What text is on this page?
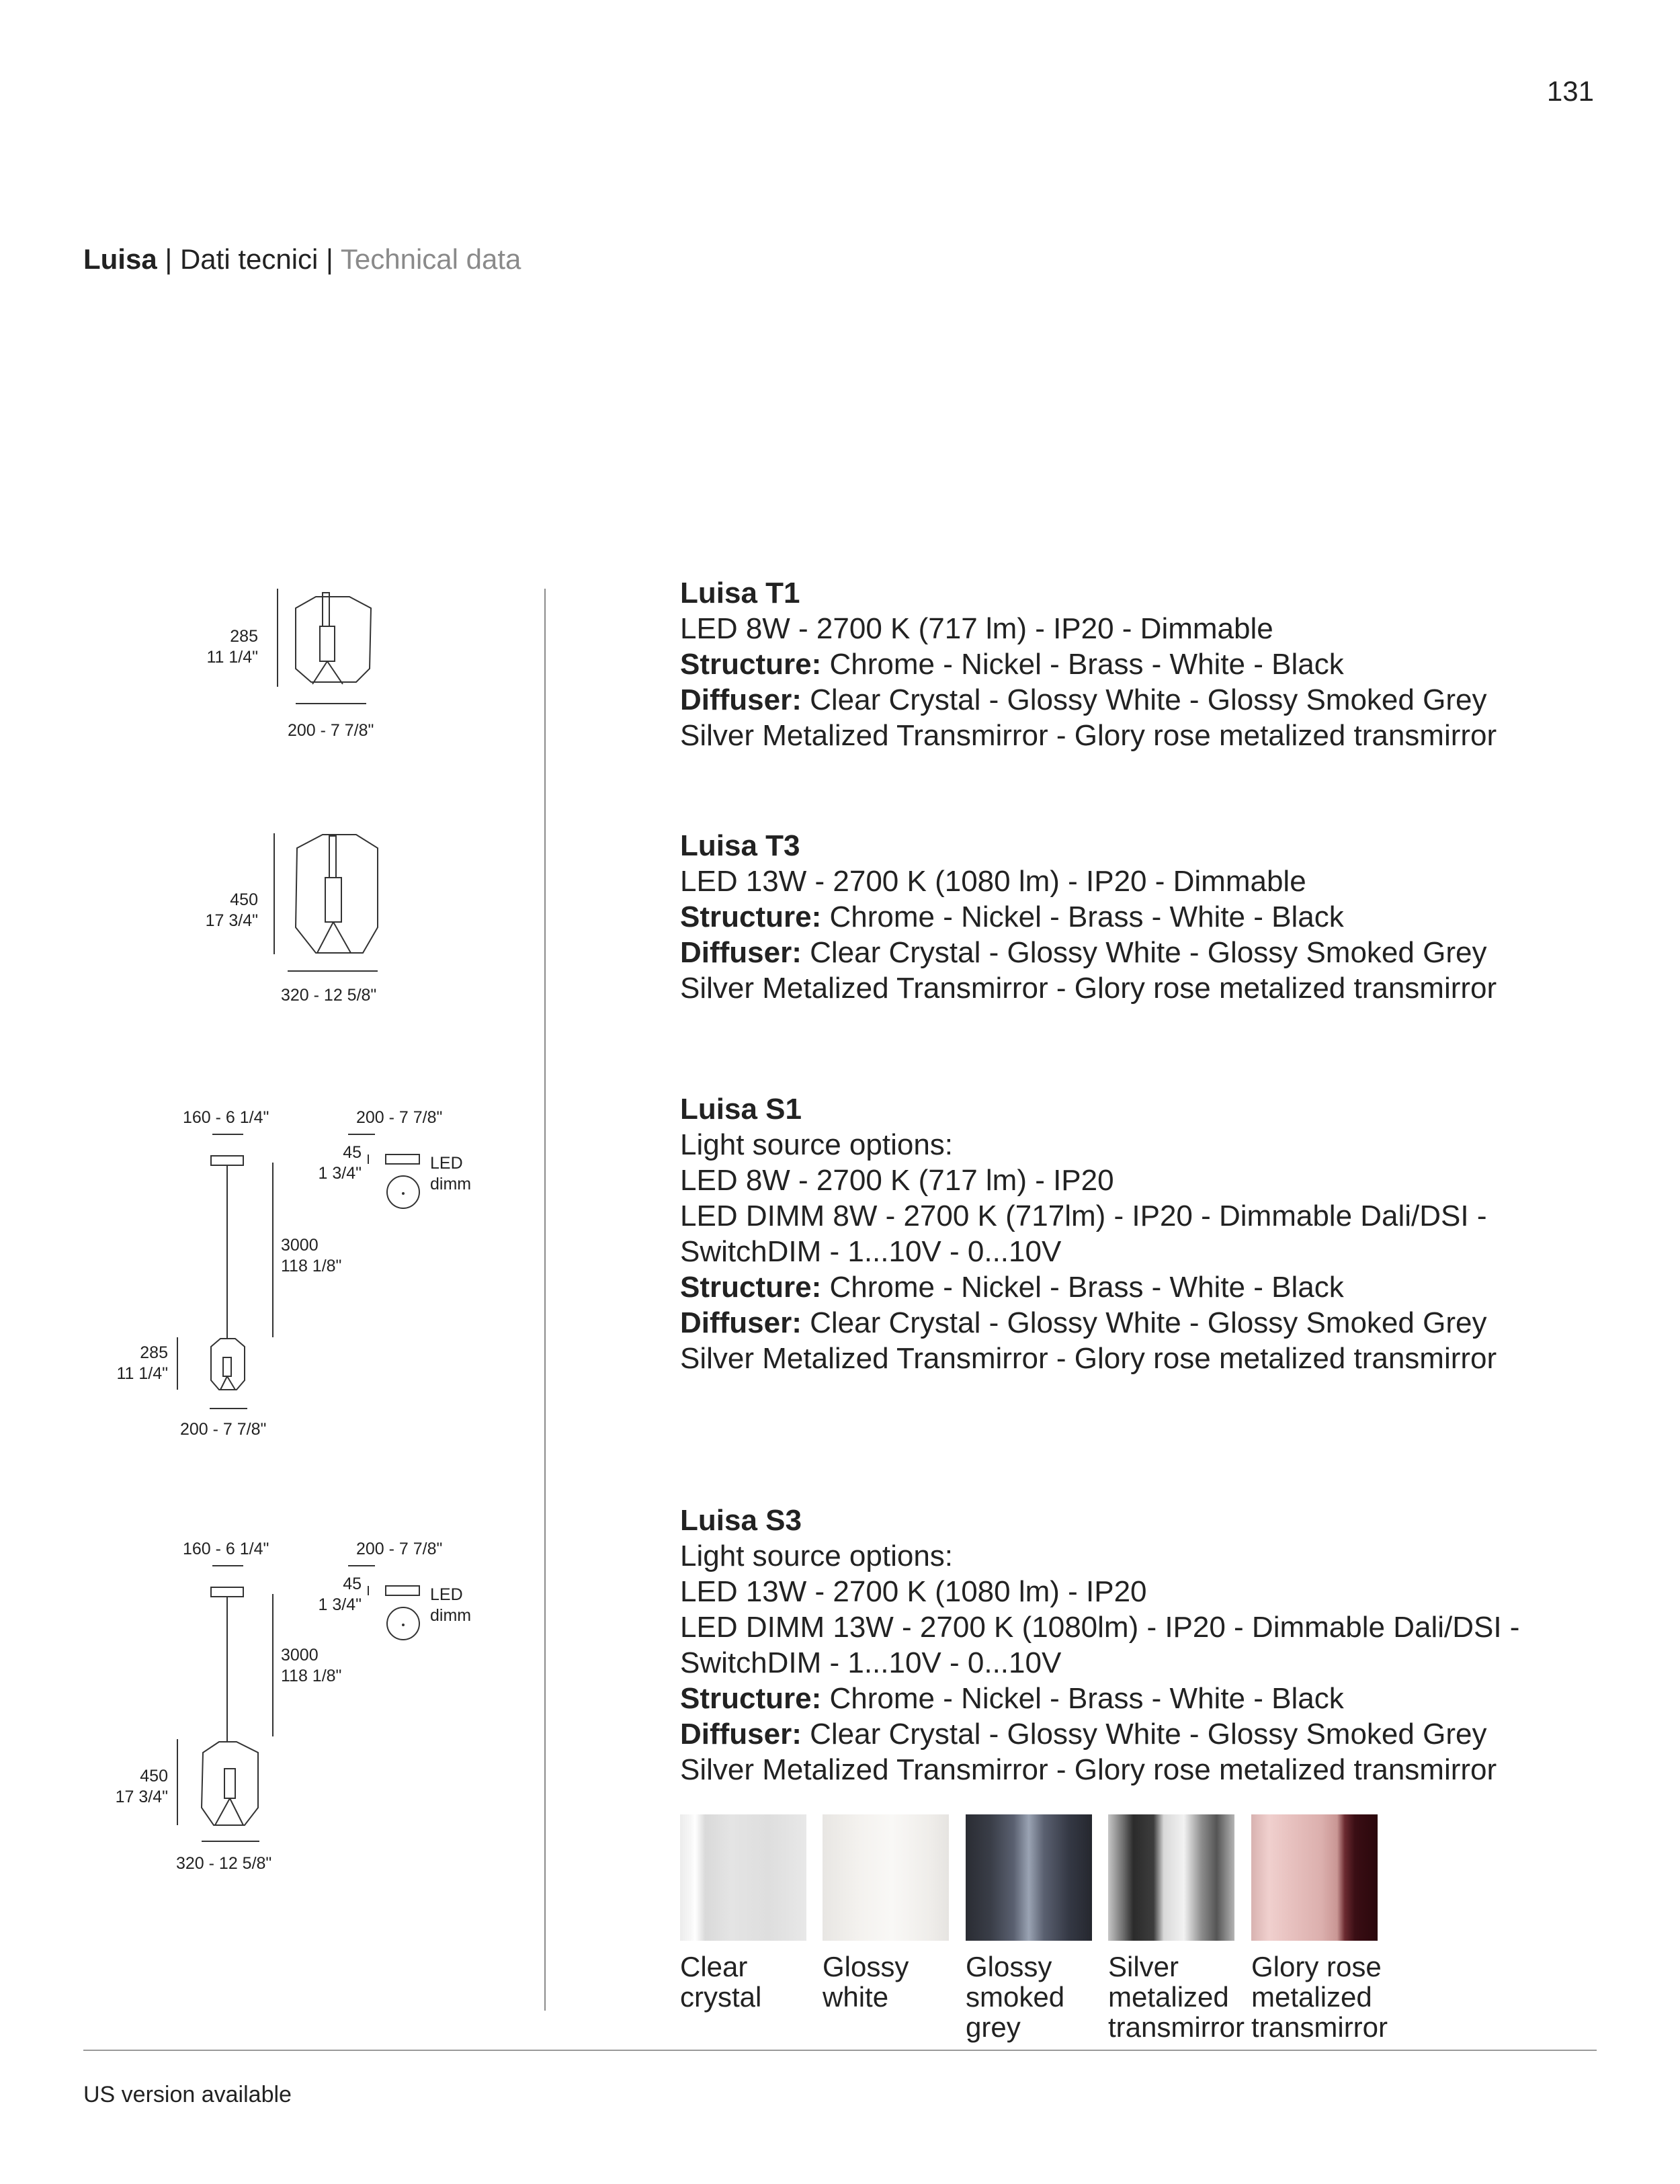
131
Luisa | Dati tecnici | Technical data
285
11 1/4"
200 - 7 7/8"
450
17 3/4"
320 - 12 5/8"
160 - 6 1/4"	200 - 7 7/8"
45
1 3/4"
LED
dimm
3000
118 1/8"
285
11 1/4"
200 - 7 7/8"
160 - 6 1/4"	200 - 7 7/8"
45
1 3/4"
LED
dimm
3000
118 1/8"
450
17 3/4"
320 - 12 5/8"
Luisa T1
LED 8W - 2700 K (717 lm) - IP20 - Dimmable
Structure: Chrome - Nickel - Brass - White - Black
Diffuser: Clear Crystal - Glossy White - Glossy Smoked Grey
Silver Metalized Transmirror - Glory rose metalized transmirror
Luisa T3
LED 13W - 2700 K (1080 lm) - IP20 - Dimmable
Structure: Chrome - Nickel - Brass - White - Black
Diffuser: Clear Crystal - Glossy White - Glossy Smoked Grey
Silver Metalized Transmirror - Glory rose metalized transmirror
Luisa S1
Light source options:
LED 8W - 2700 K (717 lm) - IP20
LED DIMM 8W - 2700 K (717lm) - IP20 - Dimmable Dali/DSI -
SwitchDIM - 1...10V - 0...10V
Structure: Chrome - Nickel - Brass - White - Black
Diffuser: Clear Crystal - Glossy White - Glossy Smoked Grey
Silver Metalized Transmirror - Glory rose metalized transmirror
Luisa S3
Light source options:
LED 13W - 2700 K (1080 lm) - IP20
LED DIMM 13W - 2700 K (1080lm) - IP20 - Dimmable Dali/DSI -
SwitchDIM - 1...10V - 0...10V
Structure: Chrome - Nickel - Brass - White - Black
Diffuser: Clear Crystal - Glossy White - Glossy Smoked Grey
Silver Metalized Transmirror - Glory rose metalized transmirror
Clear
crystal
Glossy
white
Glossy
smoked
grey
Silver
metalized
transmirror
Glory rose
metalized
transmirror
US version available
